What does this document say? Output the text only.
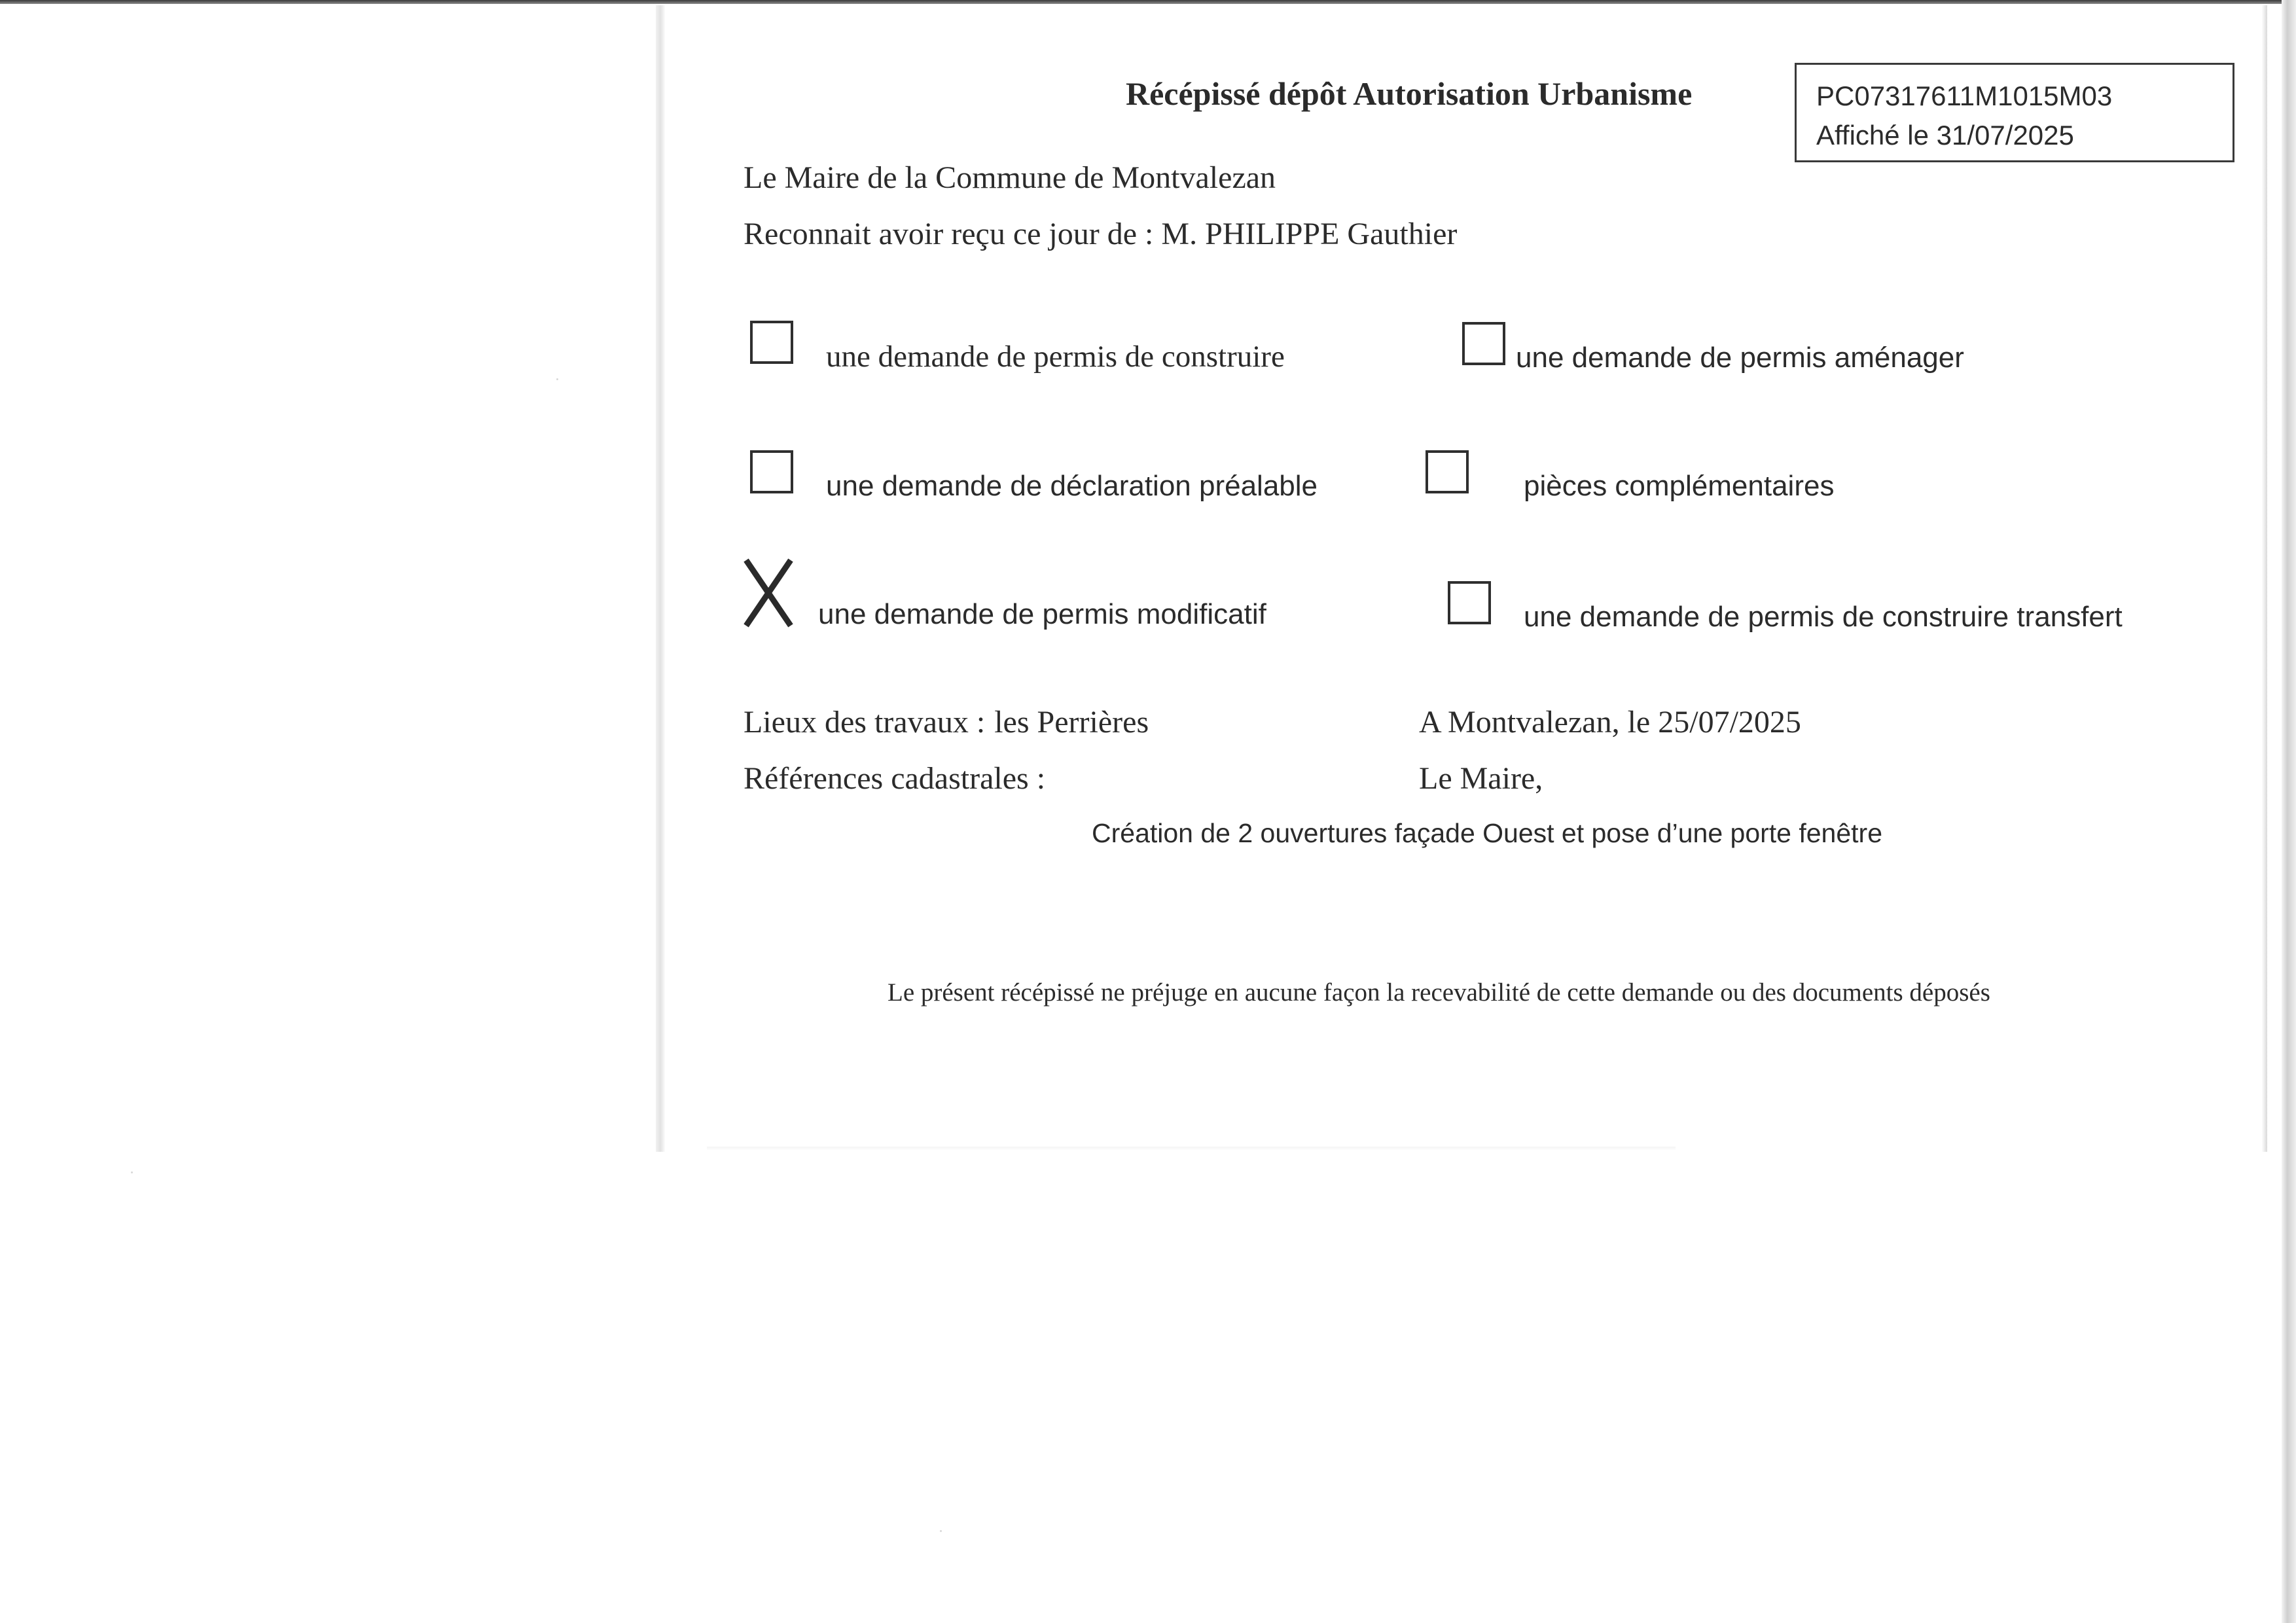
Récépissé dépôt Autorisation Urbanisme	PC07317611M1015M03
Affiché le 31/07/2025
Le Maire de la Commune de Montvalezan
Reconnait avoir reçu ce jour de : M. PHILIPPE Gauthier
une demande de permis de construire	une demande de permis aménager
une demande de déclaration préalable	pièces complémentaires
une demande de permis modificatif	une demande de permis de construire transfert
Lieux des travaux : les Perrières
Références cadastrales :
A Montvalezan, le 25/07/2025
Le Maire,
Création de 2 ouvertures façade Ouest et pose d’une porte fenêtre
Le présent récépissé ne préjuge en aucune façon la recevabilité de cette demande ou des documents déposés
